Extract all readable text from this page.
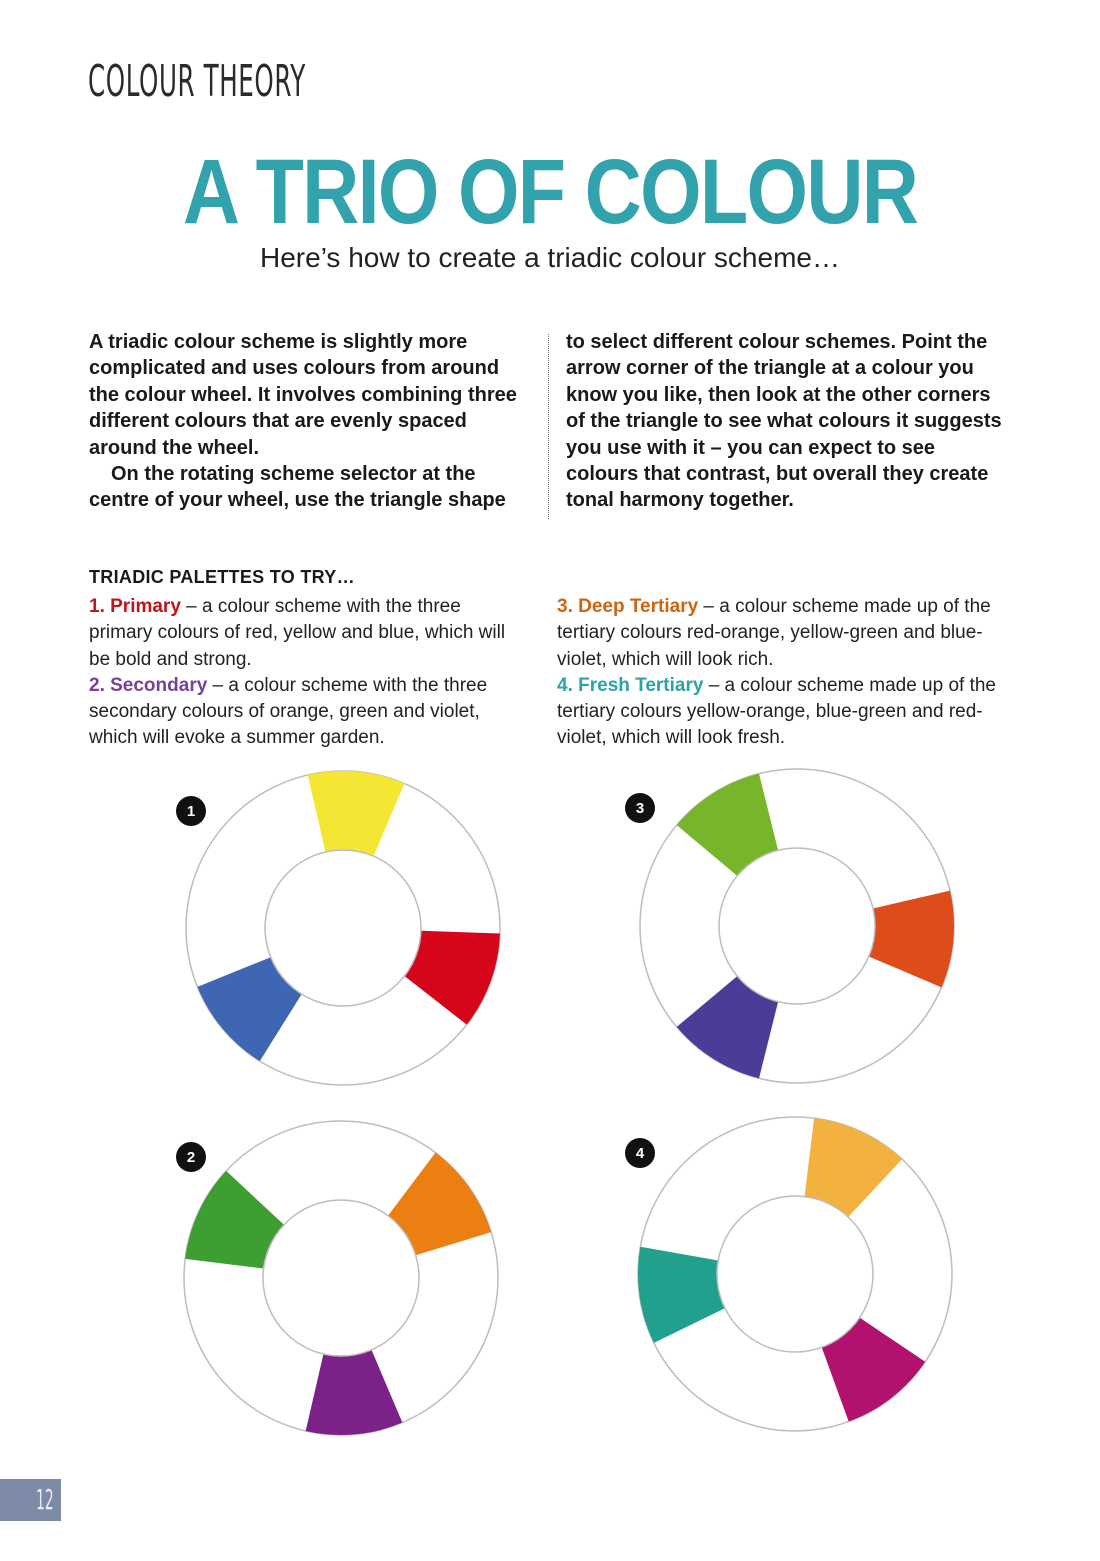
COLOUR THEORY
A TRIO OF COLOUR
Here’s how to create a triadic colour scheme…

A triadic colour scheme is slightly more complicated and uses colours from around the colour wheel. It involves combining three different colours that are evenly spaced around the wheel.

On the rotating scheme selector at the centre of your wheel, use the triangle shape

to select different colour schemes. Point the arrow corner of the triangle at a colour you know you like, then look at the other corners of the triangle to see what colours it suggests you use with it – you can expect to see colours that contrast, but overall they create tonal harmony together.

TRIADIC PALETTES TO TRY…

1. Primary – a colour scheme with the three primary colours of red, yellow and blue, which will be bold and strong.

2. Secondary – a colour scheme with the three secondary colours of orange, green and violet, which will evoke a summer garden.

3. Deep Tertiary – a colour scheme made up of the tertiary colours red-orange, yellow-green and blue-violet, which will look rich.

4. Fresh Tertiary – a colour scheme made up of the tertiary colours yellow-orange, blue-green and red-violet, which will look fresh.

1
2
3
4
12
